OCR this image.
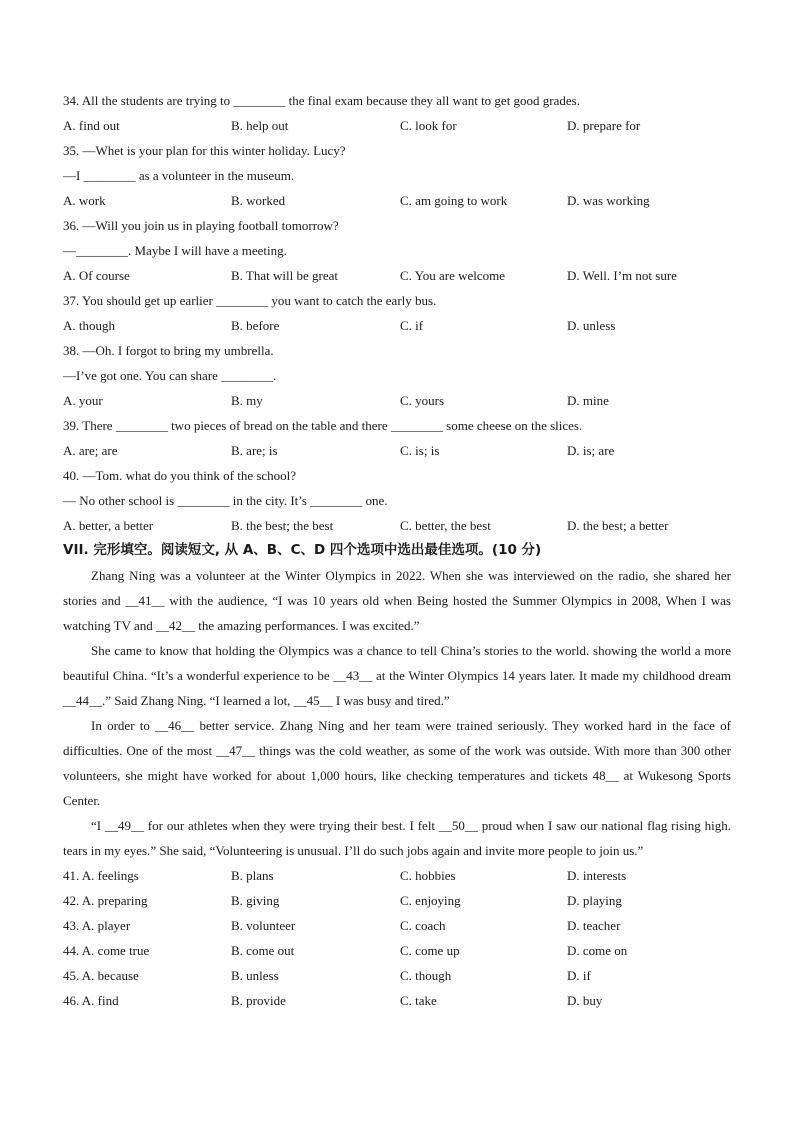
34. All the students are trying to ________ the final exam because they all want to get good grades.
A. find out	B. help out	C. look for	D. prepare for
35. —Whet is your plan for this winter holiday. Lucy?
—I ________ as a volunteer in the museum.
A. work	B. worked	C. am going to work	D. was working
36. —Will you join us in playing football tomorrow?
—________. Maybe I will have a meeting.
A. Of course	B. That will be great	C. You are welcome	D. Well. I’m not sure
37. You should get up earlier ________ you want to catch the early bus.
A. though	B. before	C. if	D. unless
38. —Oh. I forgot to bring my umbrella.
—I’ve got one. You can share ________.
A. your	B. my	C. yours	D. mine
39. There ________ two pieces of bread on the table and there ________ some cheese on the slices.
A. are; are	B. are; is	C. is; is	D. is; are
40. —Tom. what do you think of the school?
— No other school is ________ in the city. It’s ________ one.
A. better, a better	B. the best; the best	C. better, the best	D. the best; a better
VII. 完形填空。阅读短文, 从 A、B、C、D 四个选项中选出最佳选项。(10 分)
Zhang Ning was a volunteer at the Winter Olympics in 2022. When she was interviewed on the radio, she shared her stories and __41__ with the audience, “I was 10 years old when Being hosted the Summer Olympics in 2008, When I was watching TV and __42__ the amazing performances. I was excited.”
She came to know that holding the Olympics was a chance to tell China’s stories to the world. showing the world a more beautiful China. “It’s a wonderful experience to be __43__ at the Winter Olympics 14 years later. It made my childhood dream __44__.” Said Zhang Ning. “I learned a lot, __45__ I was busy and tired.”
In order to __46__ better service. Zhang Ning and her team were trained seriously. They worked hard in the face of difficulties. One of the most __47__ things was the cold weather, as some of the work was outside. With more than 300 other volunteers, she might have worked for about 1,000 hours, like checking temperatures and tickets 48__ at Wukesong Sports Center.
“I __49__ for our athletes when they were trying their best. I felt __50__ proud when I saw our national flag rising high. tears in my eyes.” She said, “Volunteering is unusual. I’ll do such jobs again and invite more people to join us.”
41. A. feelings	B. plans	C. hobbies	D. interests
42. A. preparing	B. giving	C. enjoying	D. playing
43. A. player	B. volunteer	C. coach	D. teacher
44. A. come true	B. come out	C. come up	D. come on
45. A. because	B. unless	C. though	D. if
46. A. find	B. provide	C. take	D. buy
